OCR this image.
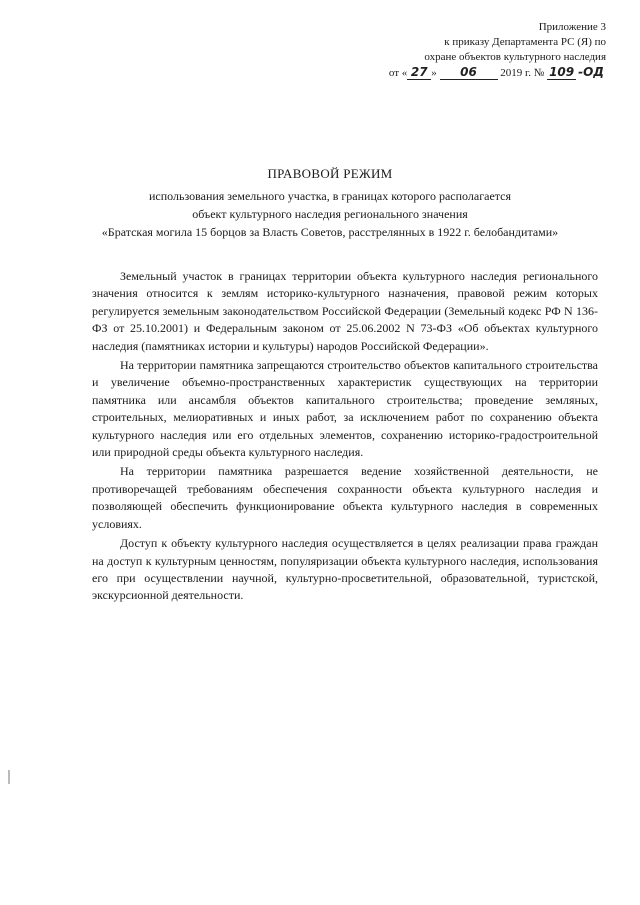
Приложение 3
к приказу Департамента РС (Я) по
охране объектов культурного наследия
от « 27 » 06 2019 г. № 109 -ОД
ПРАВОВОЙ РЕЖИМ
использования земельного участка, в границах которого располагается
объект культурного наследия регионального значения
«Братская могила 15 борцов за Власть Советов, расстрелянных в 1922 г. белобандитами»

Земельный участок в границах территории объекта культурного наследия регионального значения относится к землям историко-культурного назначения, правовой режим которых регулируется земельным законодательством Российской Федерации (Земельный кодекс РФ N 136-ФЗ от 25.10.2001) и Федеральным законом от 25.06.2002 N 73-ФЗ «Об объектах культурного наследия (памятниках истории и культуры) народов Российской Федерации».

На территории памятника запрещаются строительство объектов капитального строительства и увеличение объемно-пространственных характеристик существующих на территории памятника или ансамбля объектов капитального строительства; проведение земляных, строительных, мелиоративных и иных работ, за исключением работ по сохранению объекта культурного наследия или его отдельных элементов, сохранению историко-градостроительной или природной среды объекта культурного наследия.

На территории памятника разрешается ведение хозяйственной деятельности, не противоречащей требованиям обеспечения сохранности объекта культурного наследия и позволяющей обеспечить функционирование объекта культурного наследия в современных условиях.

Доступ к объекту культурного наследия осуществляется в целях реализации права граждан на доступ к культурным ценностям, популяризации объекта культурного наследия, использования его при осуществлении научной, культурно-просветительной, образовательной, туристской, экскурсионной деятельности.
